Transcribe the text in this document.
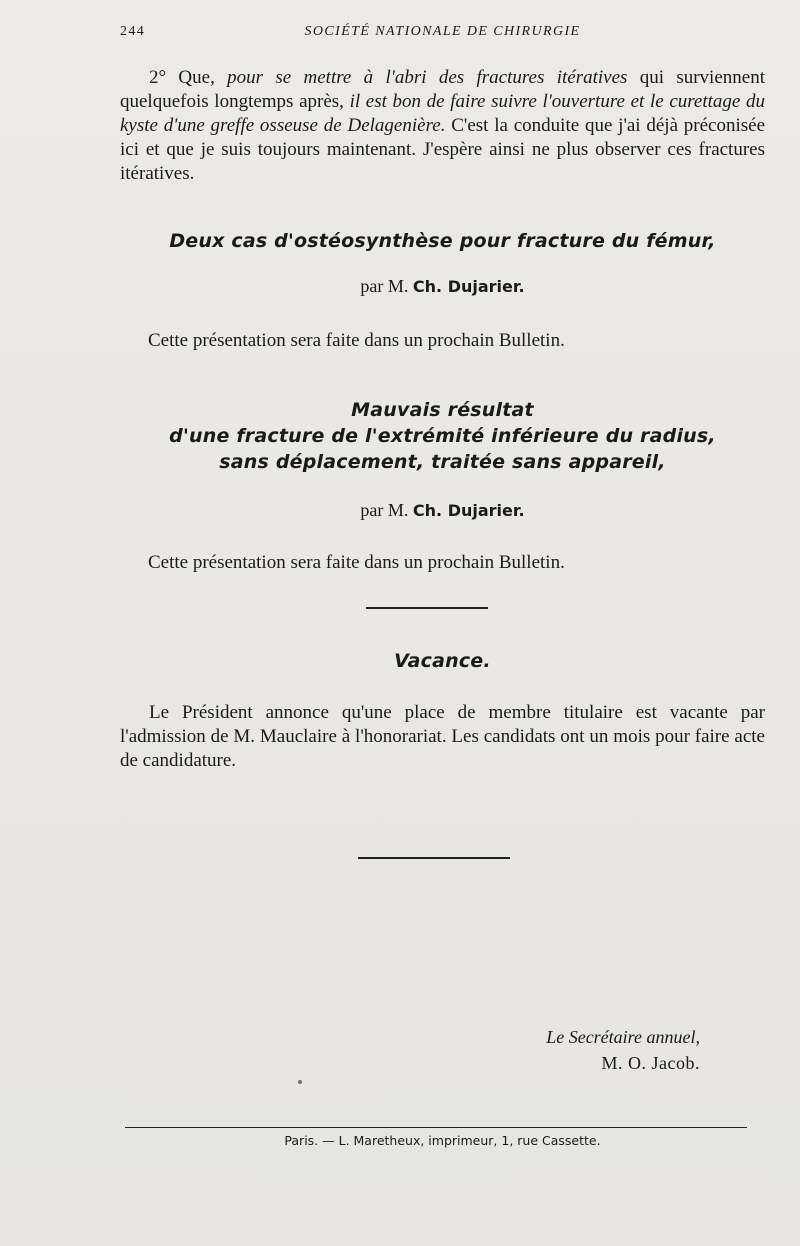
244	SOCIÉTÉ NATIONALE DE CHIRURGIE
2° Que, pour se mettre à l'abri des fractures itératives qui surviennent quelquefois longtemps après, il est bon de faire suivre l'ouverture et le curettage du kyste d'une greffe osseuse de Delagenière. C'est la conduite que j'ai déjà préconisée ici et que je suis toujours maintenant. J'espère ainsi ne plus observer ces fractures itératives.
Deux cas d'ostéosynthèse pour fracture du fémur,
par M. Ch. Dujarier.
Cette présentation sera faite dans un prochain Bulletin.
Mauvais résultat
d'une fracture de l'extrémité inférieure du radius,
sans déplacement, traitée sans appareil,
par M. Ch. Dujarier.
Cette présentation sera faite dans un prochain Bulletin.
Vacance.
Le Président annonce qu'une place de membre titulaire est vacante par l'admission de M. Mauclaire à l'honorariat. Les candidats ont un mois pour faire acte de candidature.
Le Secrétaire annuel,
M. O. Jacob.
Paris. — L. Maretheux, imprimeur, 1, rue Cassette.
